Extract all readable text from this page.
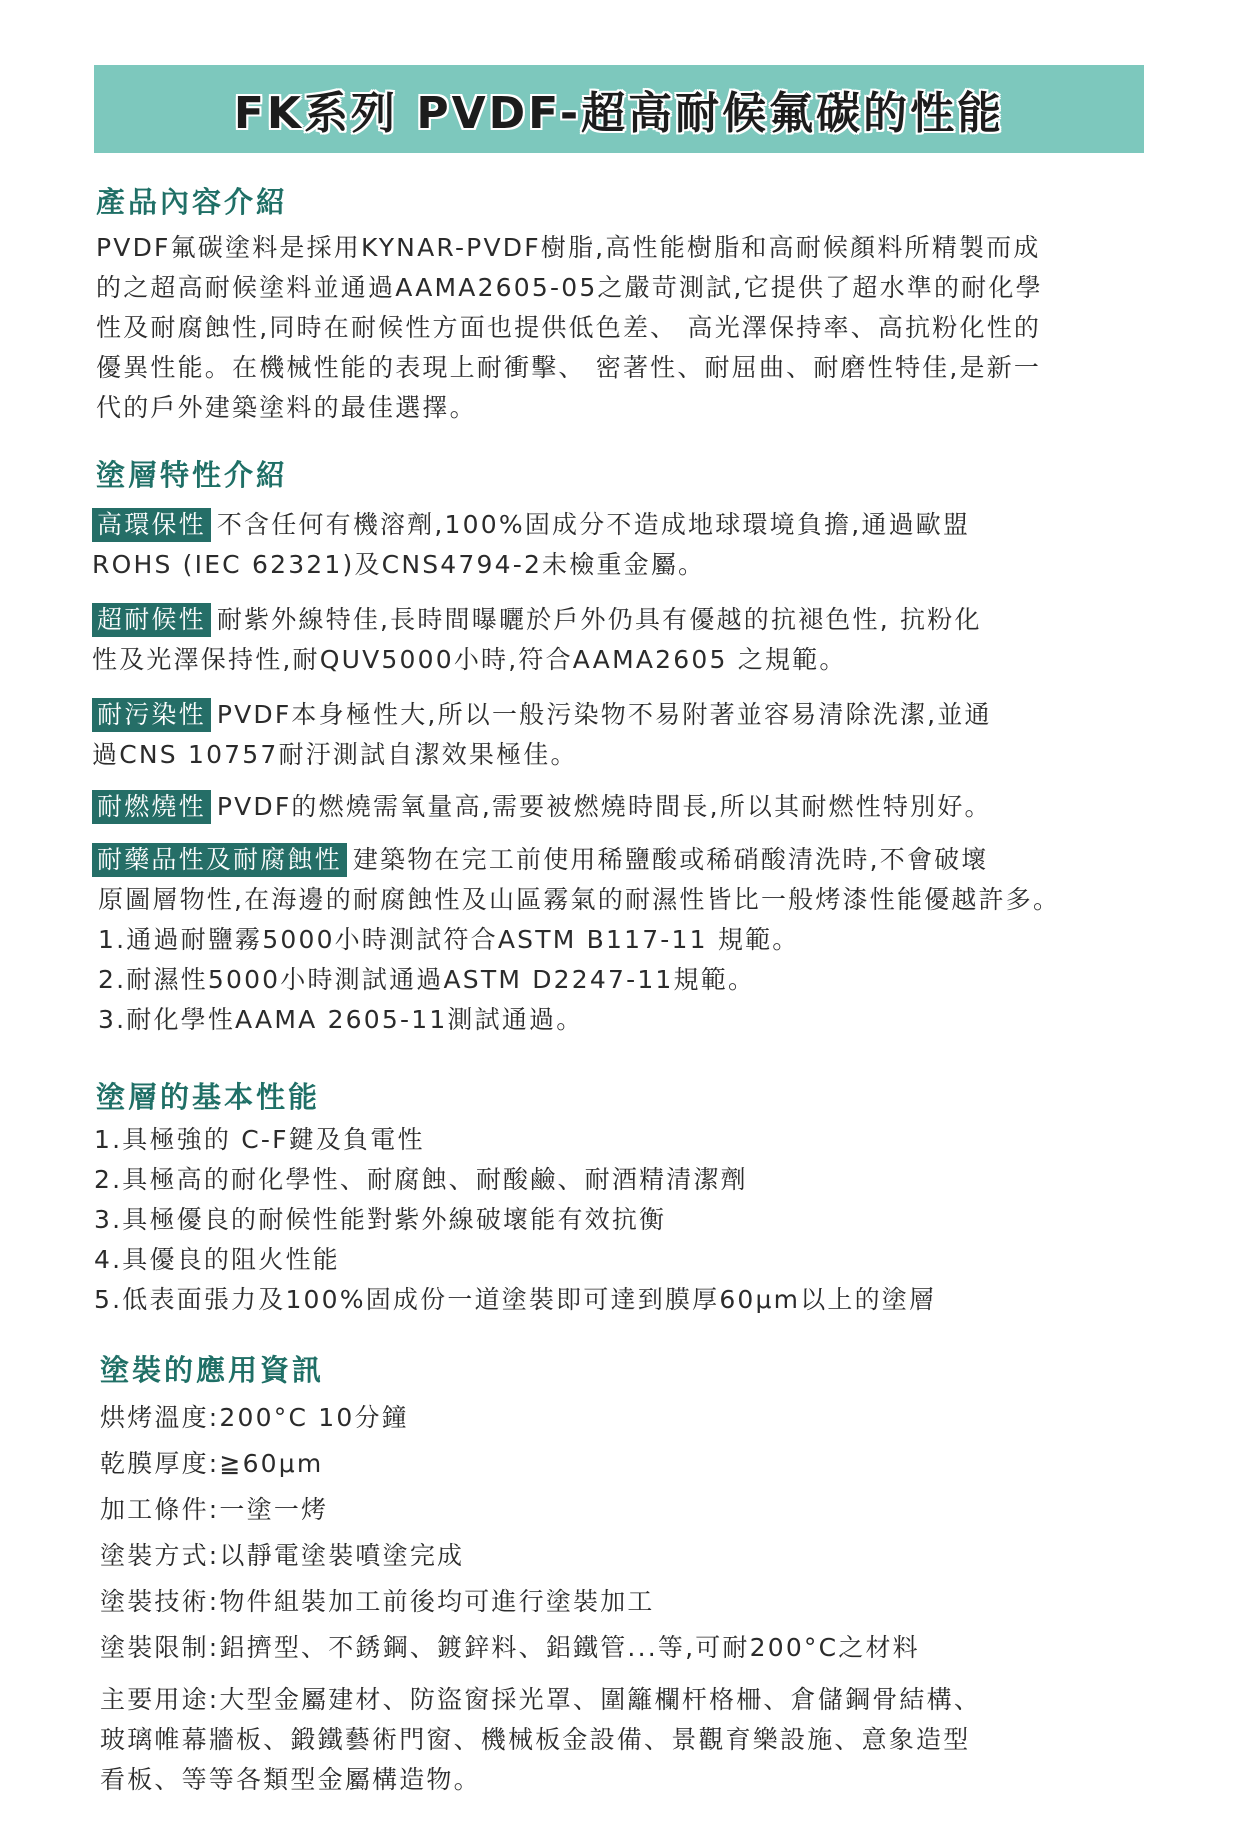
FK系列 PVDF-超高耐候氟碳的性能
產品內容介紹
PVDF氟碳塗料是採用KYNAR-PVDF樹脂,高性能樹脂和高耐候顏料所精製而成
的之超高耐候塗料並通過AAMA2605-05之嚴苛測試,它提供了超水準的耐化學
性及耐腐蝕性,同時在耐候性方面也提供低色差、 高光澤保持率、高抗粉化性的
優異性能。在機械性能的表現上耐衝擊、 密著性、耐屈曲、耐磨性特佳,是新一
代的戶外建築塗料的最佳選擇。
塗層特性介紹
高環保性 不含任何有機溶劑,100%固成分不造成地球環境負擔,通過歐盟
ROHS (IEC 62321)及CNS4794-2未檢重金屬。
超耐候性 耐紫外線特佳,長時間曝曬於戶外仍具有優越的抗褪色性, 抗粉化
性及光澤保持性,耐QUV5000小時,符合AAMA2605 之規範。
耐污染性 PVDF本身極性大,所以一般污染物不易附著並容易清除洗潔,並通
過CNS 10757耐汙測試自潔效果極佳。
耐燃燒性 PVDF的燃燒需氧量高,需要被燃燒時間長,所以其耐燃性特別好。
耐藥品性及耐腐蝕性 建築物在完工前使用稀鹽酸或稀硝酸清洗時,不會破壞
原圖層物性,在海邊的耐腐蝕性及山區霧氣的耐濕性皆比一般烤漆性能優越許多。
1.通過耐鹽霧5000小時測試符合ASTM B117-11 規範。
2.耐濕性5000小時測試通過ASTM D2247-11規範。
3.耐化學性AAMA 2605-11測試通過。
塗層的基本性能
1.具極強的 C-F鍵及負電性
2.具極高的耐化學性、耐腐蝕、耐酸鹼、耐酒精清潔劑
3.具極優良的耐候性能對紫外線破壞能有效抗衡
4.具優良的阻火性能
5.低表面張力及100%固成份一道塗裝即可達到膜厚60μm以上的塗層
塗裝的應用資訊
烘烤溫度:200°C 10分鐘
乾膜厚度:≧60μm
加工條件:一塗一烤
塗裝方式:以靜電塗裝噴塗完成
塗裝技術:物件組裝加工前後均可進行塗裝加工
塗裝限制:鋁擠型、不銹鋼、鍍鋅料、鋁鐵管...等,可耐200°C之材料
主要用途:大型金屬建材、防盜窗採光罩、圍籬欄杆格柵、倉儲鋼骨結構、
玻璃帷幕牆板、鍛鐵藝術門窗、機械板金設備、景觀育樂設施、意象造型
看板、等等各類型金屬構造物。
